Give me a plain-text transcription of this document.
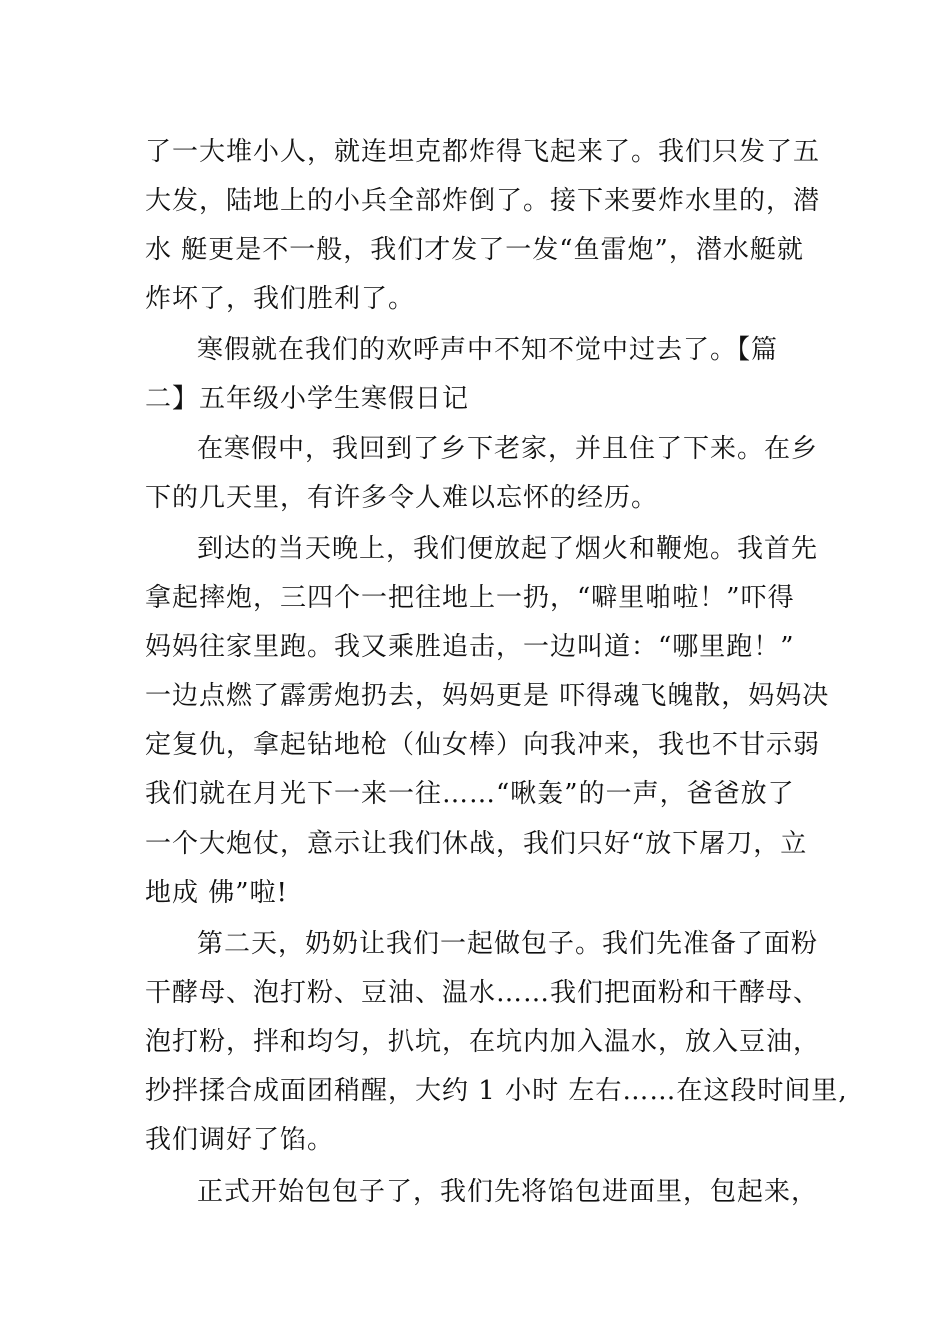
了一大堆小人，就连坦克都炸得飞起来了。我们只发了五
大发，陆地上的小兵全部炸倒了。接下来要炸水里的，潜
水 艇更是不一般，我们才发了一发“鱼雷炮”，潜水艇就
炸坏了，我们胜利了。
寒假就在我们的欢呼声中不知不觉中过去了。【篇
二】五年级小学生寒假日记
在寒假中，我回到了乡下老家，并且住了下来。在乡
下的几天里，有许多令人难以忘怀的经历。
到达的当天晚上，我们便放起了烟火和鞭炮。我首先
拿起摔炮，三四个一把往地上一扔，“噼里啪啦！”吓得
妈妈往家里跑。我又乘胜追击，一边叫道：“哪里跑！”
一边点燃了霹雳炮扔去，妈妈更是 吓得魂飞魄散，妈妈决
定复仇，拿起钻地枪（仙女棒）向我冲来，我也不甘示弱
我们就在月光下一来一往……“啾轰”的一声，爸爸放了
一个大炮仗，意示让我们休战，我们只好“放下屠刀，立
地成 佛”啦!
第二天，奶奶让我们一起做包子。我们先准备了面粉
干酵母、泡打粉、豆油、温水……我们把面粉和干酵母、
泡打粉，拌和均匀，扒坑，在坑内加入温水，放入豆油，
抄拌揉合成面团稍醒，大约 1 小时 左右……在这段时间里,
我们调好了馅。
正式开始包包子了，我们先将馅包进面里，包起来，
